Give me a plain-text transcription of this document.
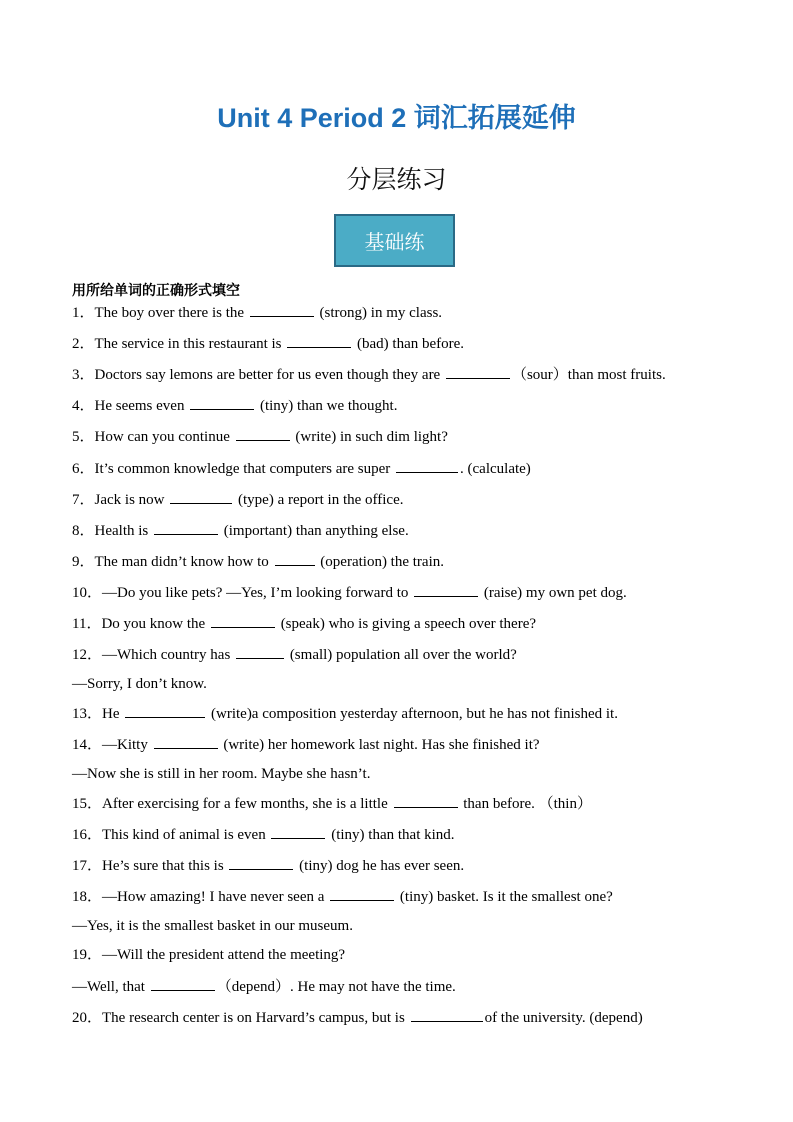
Unit 4 Period 2 词汇拓展延伸
分层练习
基础练
用所给单词的正确形式填空
1．The boy over there is the	(strong) in my class.
2．The service in this restaurant is	(bad) than before.
3．Doctors say lemons are better for us even though they are	（sour）than most fruits.
4．He seems even	(tiny) than we thought.
5．How can you continue	(write) in such dim light?
6．It’s common knowledge that computers are super	. (calculate)
7．Jack is now	(type) a report in the office.
8．Health is	(important) than anything else.
9．The man didn’t know how to	(operation) the train.
10．—Do you like pets? —Yes, I’m looking forward to	(raise) my own pet dog.
11．Do you know the	(speak) who is giving a speech over there?
12．—Which country has	(small) population all over the world?
—Sorry, I don’t know.
13．He	(write)a composition yesterday afternoon, but he has not finished it.
14．—Kitty	(write) her homework last night. Has she finished it?
—Now she is still in her room. Maybe she hasn’t.
15．After exercising for a few months, she is a little	than before. （thin）
16．This kind of animal is even	(tiny) than that kind.
17．He’s sure that this is	(tiny) dog he has ever seen.
18．—How amazing! I have never seen a	(tiny) basket. Is it the smallest one?
—Yes, it is the smallest basket in our museum.
19．—Will the president attend the meeting?
—Well, that	（depend）. He may not have the time.
20．The research center is on Harvard’s campus, but is	of the university. (depend)
